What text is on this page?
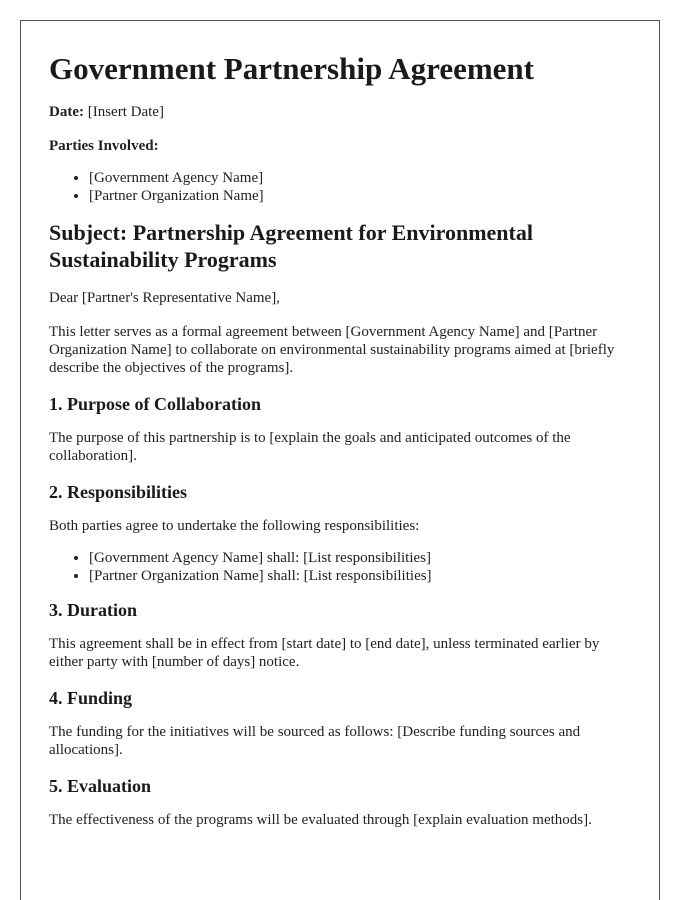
Government Partnership Agreement

Date: [Insert Date]

Parties Involved:

• [Government Agency Name]
• [Partner Organization Name]
Subject: Partnership Agreement for Environmental Sustainability Programs

Dear [Partner's Representative Name],

This letter serves as a formal agreement between [Government Agency Name] and [Partner Organization Name] to collaborate on environmental sustainability programs aimed at [briefly describe the objectives of the programs].

1. Purpose of Collaboration

The purpose of this partnership is to [explain the goals and anticipated outcomes of the collaboration].

2. Responsibilities

Both parties agree to undertake the following responsibilities:

• [Government Agency Name] shall: [List responsibilities]
• [Partner Organization Name] shall: [List responsibilities]
3. Duration

This agreement shall be in effect from [start date] to [end date], unless terminated earlier by either party with [number of days] notice.

4. Funding

The funding for the initiatives will be sourced as follows: [Describe funding sources and allocations].

5. Evaluation

The effectiveness of the programs will be evaluated through [explain evaluation methods].
